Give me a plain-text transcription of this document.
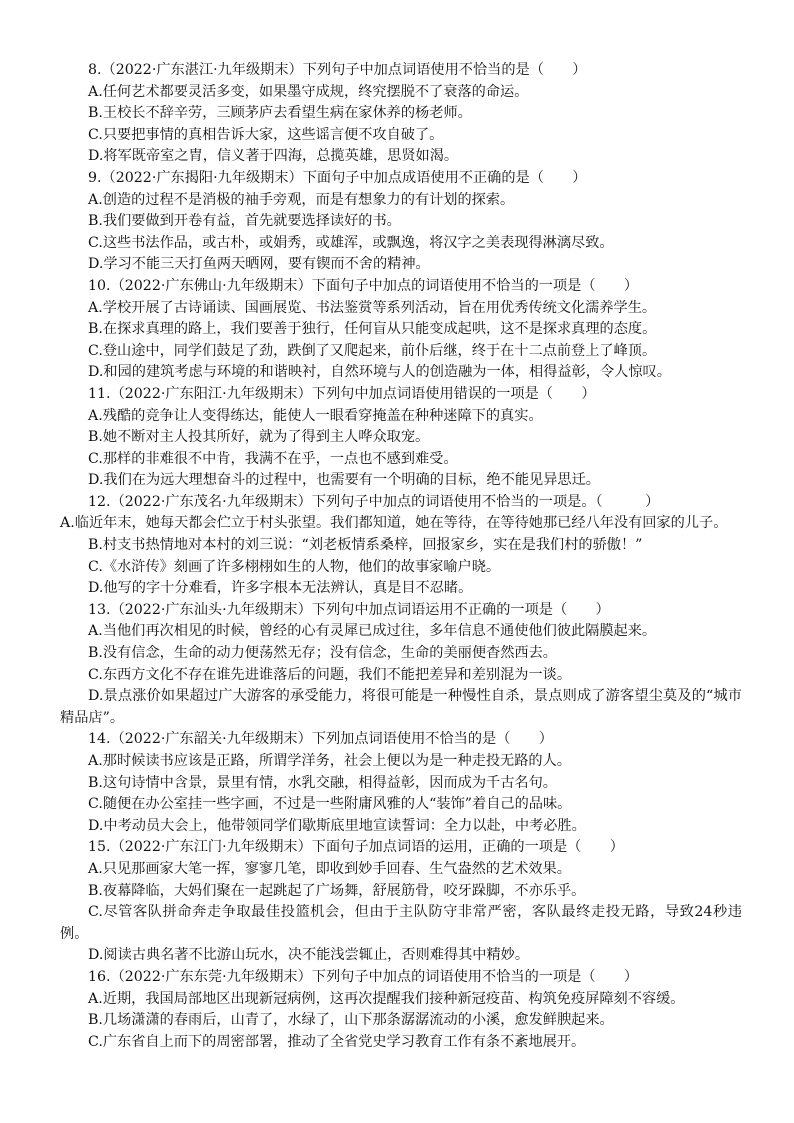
8.（2022·广东湛江·九年级期末）下列句子中加点词语使用不恰当的是（　　）
A.任何艺术都要灵活多变，如果墨守成规，终究摆脱不了衰落的命运。
B.王校长不辞辛劳，三顾茅庐去看望生病在家休养的杨老师。
C.只要把事情的真相告诉大家，这些谣言便不攻自破了。
D.将军既帝室之胄，信义著于四海，总揽英雄，思贤如渴。
9.（2022·广东揭阳·九年级期末）下面句子中加点成语使用不正确的是（　　）
A.创造的过程不是消极的袖手旁观，而是有想象力的有计划的探索。
B.我们要做到开卷有益，首先就要选择读好的书。
C.这些书法作品，或古朴，或娟秀，或雄浑，或飘逸，将汉字之美表现得淋漓尽致。
D.学习不能三天打鱼两天晒网，要有锲而不舍的精神。
10.（2022·广东佛山·九年级期末）下面句子中加点的词语使用不恰当的一项是（　　）
A.学校开展了古诗诵读、国画展览、书法鉴赏等系列活动，旨在用优秀传统文化濡养学生。
B.在探求真理的路上，我们要善于独行，任何盲从只能变成起哄，这不是探求真理的态度。
C.登山途中，同学们鼓足了劲，跌倒了又爬起来，前仆后继，终于在十二点前登上了峰顶。
D.和园的建筑考虑与环境的和谐映衬，自然环境与人的创造融为一体，相得益彰，令人惊叹。
11.（2022·广东阳江·九年级期末）下列句中加点词语使用错误的一项是（　　）
A.残酷的竞争让人变得练达，能使人一眼看穿掩盖在种种迷障下的真实。
B.她不断对主人投其所好，就为了得到主人哗众取宠。
C.那样的非难很不中肯，我满不在乎，一点也不感到难受。
D.我们在为远大理想奋斗的过程中，也需要有一个明确的目标，绝不能见异思迁。
12.（2022·广东茂名·九年级期末）下列句子中加点的词语使用不恰当的一项是。（　　　）
A.临近年末，她每天都会伫立于村头张望。我们都知道，她在等待，在等待她那已经八年没有回家的儿子。
B.村支书热情地对本村的刘三说：“刘老板情系桑梓，回报家乡，实在是我们村的骄傲！”
C.《水浒传》刻画了许多栩栩如生的人物，他们的故事家喻户晓。
D.他写的字十分难看，许多字根本无法辨认，真是目不忍睹。
13.（2022·广东汕头·九年级期末）下列句中加点词语运用不正确的一项是（　　）
A.当他们再次相见的时候，曾经的心有灵犀已成过往，多年信息不通使他们彼此隔膜起来。
B.没有信念，生命的动力便荡然无存；没有信念，生命的美丽便杳然西去。
C.东西方文化不存在谁先进谁落后的问题，我们不能把差异和差别混为一谈。
D.景点涨价如果超过广大游客的承受能力，将很可能是一种慢性自杀，景点则成了游客望尘莫及的“城市精品店”。
14.（2022·广东韶关·九年级期末）下列加点词语使用不恰当的是（　　）
A.那时候读书应该是正路，所谓学洋务，社会上便以为是一种走投无路的人。
B.这句诗情中含景，景里有情，水乳交融，相得益彰，因而成为千古名句。
C.随便在办公室挂一些字画，不过是一些附庸风雅的人“装饰”着自己的品味。
D.中考动员大会上，他带领同学们歇斯底里地宣读誓词：全力以赴，中考必胜。
15.（2022·广东江门·九年级期末）下面句子加点词语的运用，正确的一项是（　　）
A.只见那画家大笔一挥，寥寥几笔，即收到妙手回春、生气盎然的艺术效果。
B.夜幕降临，大妈们聚在一起跳起了广场舞，舒展筋骨，咬牙跺脚，不亦乐乎。
C.尽管客队拼命奔走争取最佳投篮机会，但由于主队防守非常严密，客队最终走投无路，导致24秒违例。
D.阅读古典名著不比游山玩水，决不能浅尝辄止，否则难得其中精妙。
16.（2022·广东东莞·九年级期末）下列句子中加点的词语使用不恰当的一项是（　　）
A.近期，我国局部地区出现新冠病例，这再次提醒我们接种新冠疫苗、构筑免疫屏障刻不容缓。
B.几场潇潇的春雨后，山青了，水绿了，山下那条潺潺流动的小溪，愈发鲜腴起来。
C.广东省自上而下的周密部署，推动了全省党史学习教育工作有条不紊地展开。
